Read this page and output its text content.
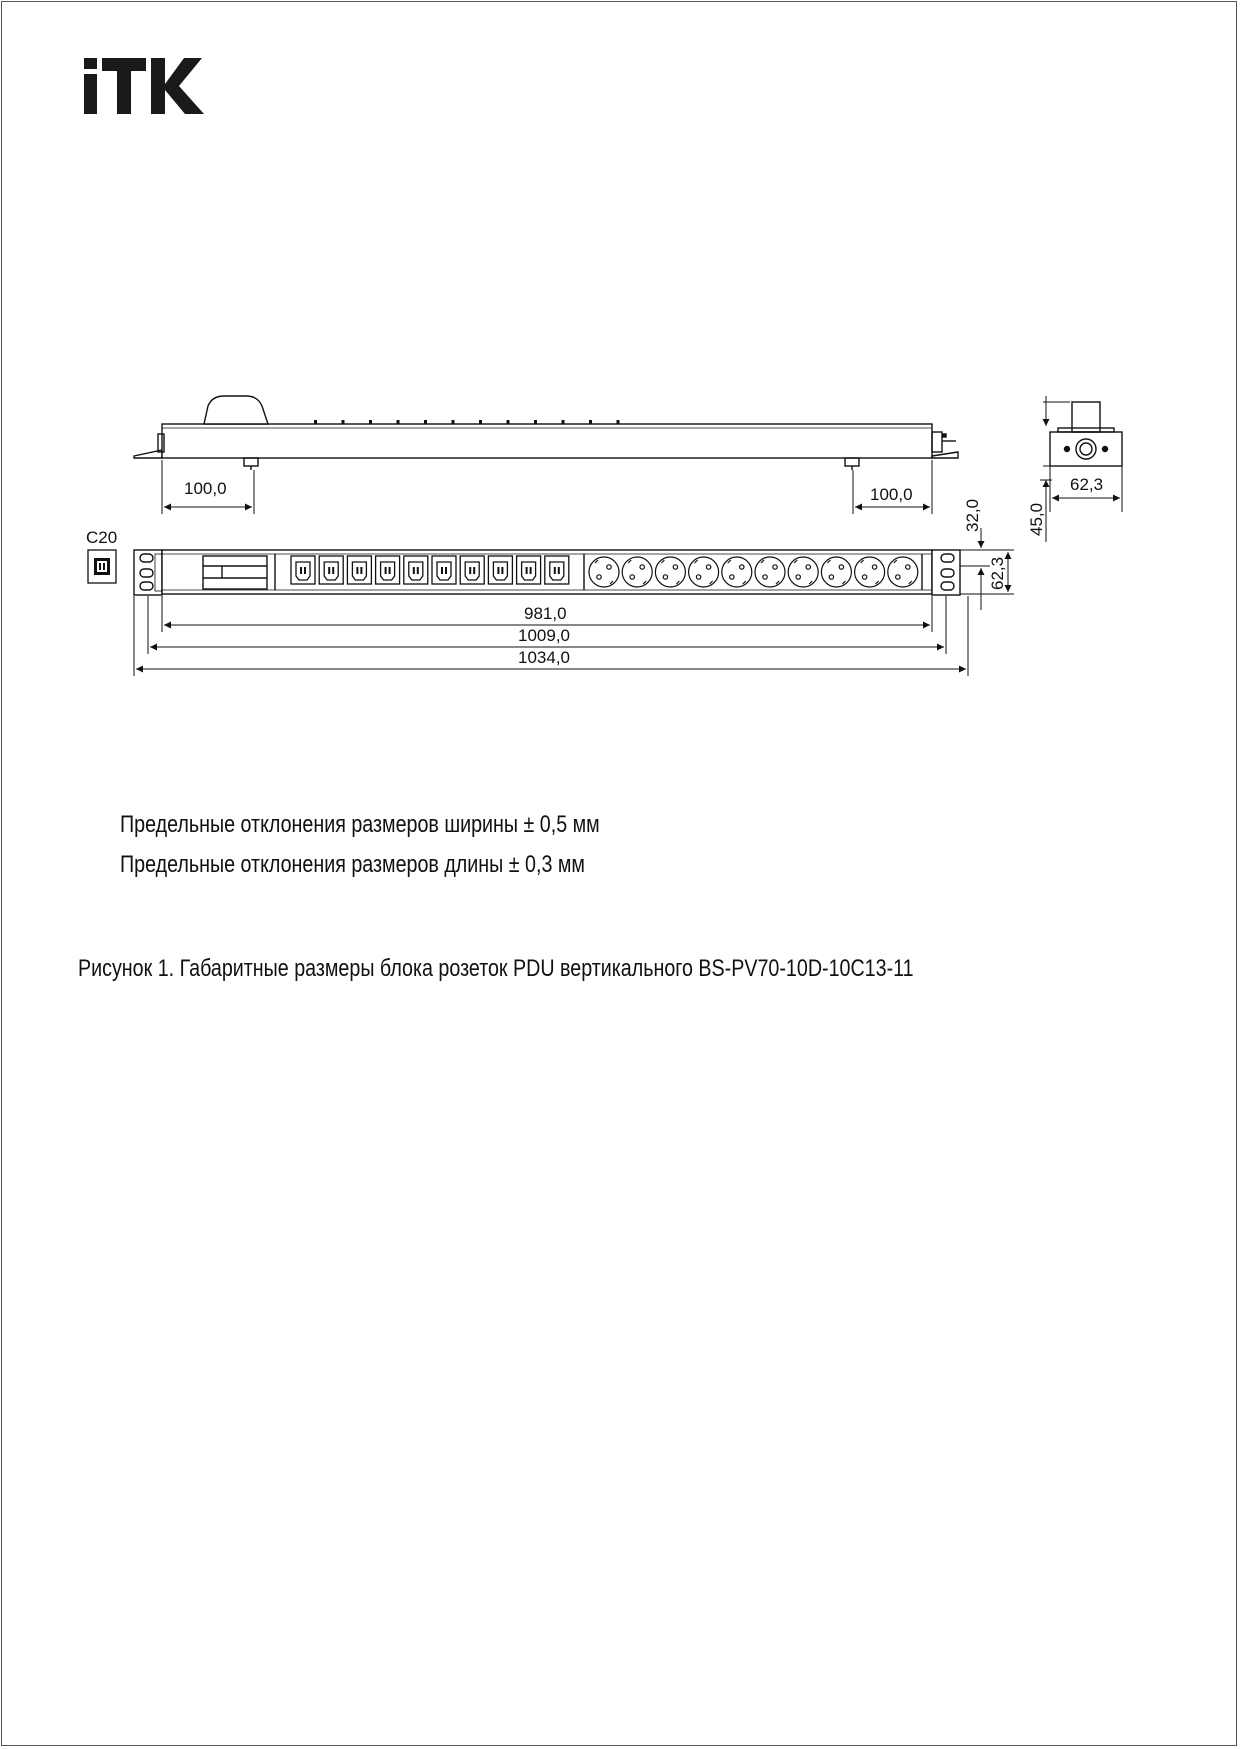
100,0	100,0
45,0
62,3
C20
32,0
62,3
981,0
1009,0
1034,0
Предельные отклонения размеров ширины ± 0,5 мм
Предельные отклонения размеров длины ± 0,3 мм
Рисунок 1. Габаритные размеры блока розеток PDU вертикального BS-PV70-10D-10C13-11
